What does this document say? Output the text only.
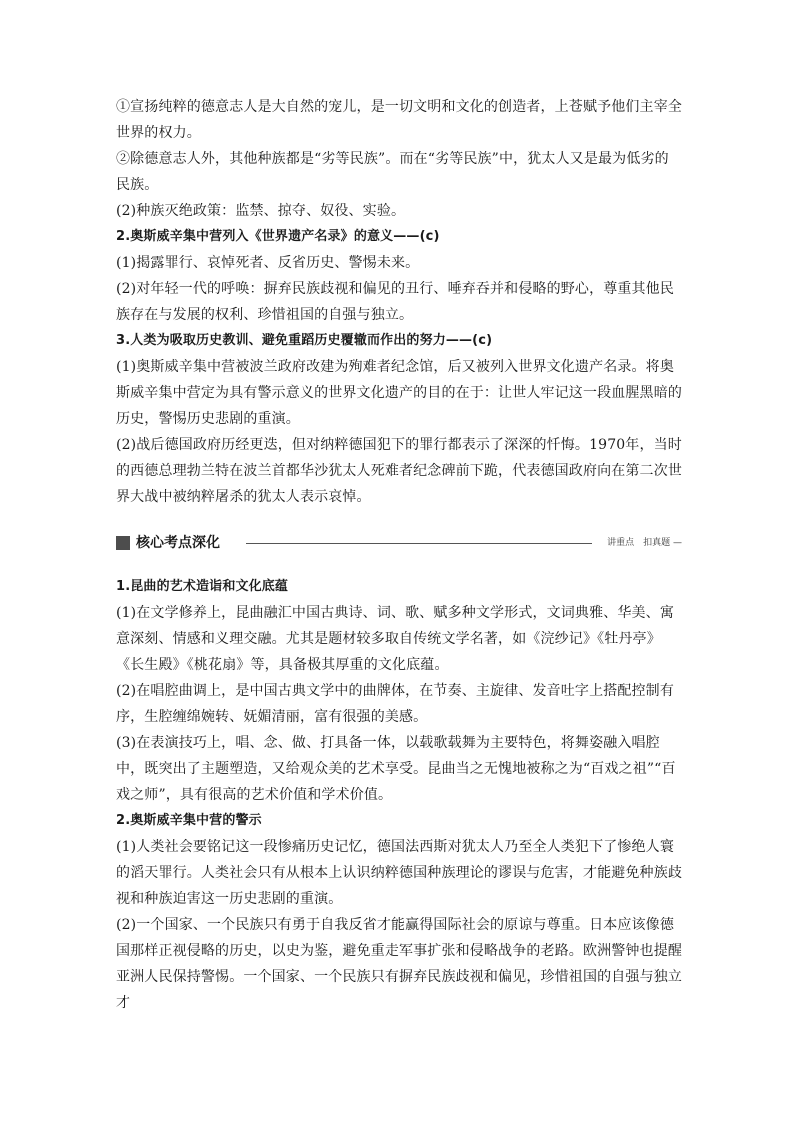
①宣扬纯粹的德意志人是大自然的宠儿，是一切文明和文化的创造者，上苍赋予他们主宰全世界的权力。

②除德意志人外，其他种族都是“劣等民族”。而在“劣等民族”中，犹太人又是最为低劣的民族。

(2)种族灭绝政策：监禁、掠夺、奴役、实验。

2.奥斯威辛集中营列入《世界遗产名录》的意义——(c)

(1)揭露罪行、哀悼死者、反省历史、警惕未来。

(2)对年轻一代的呼唤：摒弃民族歧视和偏见的丑行、唾弃吞并和侵略的野心，尊重其他民族存在与发展的权利、珍惜祖国的自强与独立。

3.人类为吸取历史教训、避免重蹈历史覆辙而作出的努力——(c)

(1)奥斯威辛集中营被波兰政府改建为殉难者纪念馆，后又被列入世界文化遗产名录。将奥斯威辛集中营定为具有警示意义的世界文化遗产的目的在于：让世人牢记这一段血腥黑暗的历史，警惕历史悲剧的重演。

(2)战后德国政府历经更迭，但对纳粹德国犯下的罪行都表示了深深的忏悔。1970年，当时的西德总理勃兰特在波兰首都华沙犹太人死难者纪念碑前下跪，代表德国政府向在第二次世界大战中被纳粹屠杀的犹太人表示哀悼。

核心考点深化	讲重点　扣真题 —

1.昆曲的艺术造诣和文化底蕴

(1)在文学修养上，昆曲融汇中国古典诗、词、歌、赋多种文学形式，文词典雅、华美、寓意深刻、情感和义理交融。尤其是题材较多取自传统文学名著，如《浣纱记》《牡丹亭》《长生殿》《桃花扇》等，具备极其厚重的文化底蕴。

(2)在唱腔曲调上，是中国古典文学中的曲牌体，在节奏、主旋律、发音吐字上搭配控制有序，生腔缠绵婉转、妩媚清丽，富有很强的美感。

(3)在表演技巧上，唱、念、做、打具备一体，以载歌载舞为主要特色，将舞姿融入唱腔中，既突出了主题塑造，又给观众美的艺术享受。昆曲当之无愧地被称之为“百戏之祖”“百戏之师”，具有很高的艺术价值和学术价值。

2.奥斯威辛集中营的警示

(1)人类社会要铭记这一段惨痛历史记忆，德国法西斯对犹太人乃至全人类犯下了惨绝人寰的滔天罪行。人类社会只有从根本上认识纳粹德国种族理论的谬误与危害，才能避免种族歧视和种族迫害这一历史悲剧的重演。

(2)一个国家、一个民族只有勇于自我反省才能赢得国际社会的原谅与尊重。日本应该像德国那样正视侵略的历史，以史为鉴，避免重走军事扩张和侵略战争的老路。欧洲警钟也提醒亚洲人民保持警惕。一个国家、一个民族只有摒弃民族歧视和偏见，珍惜祖国的自强与独立才
